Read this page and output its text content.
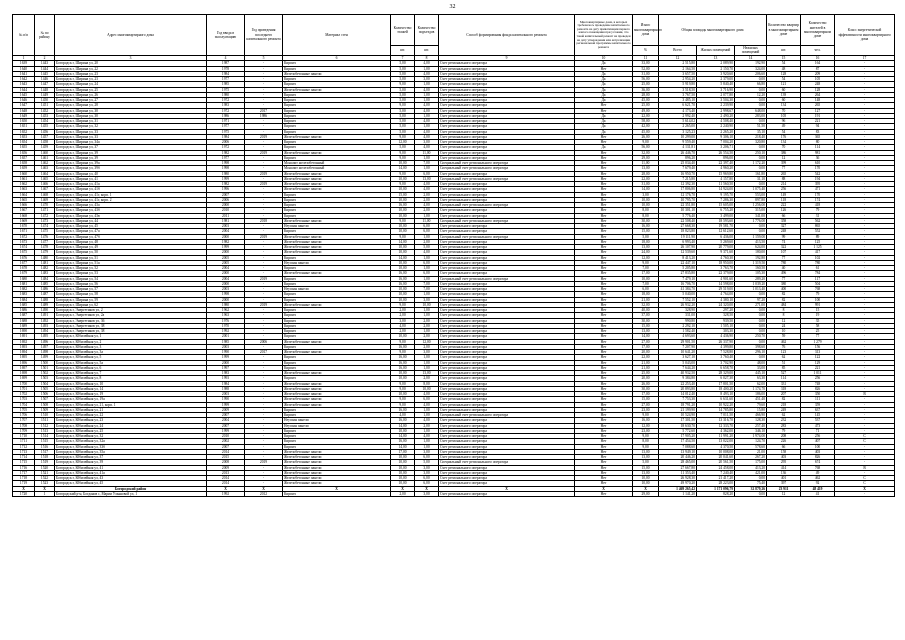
32
№ п/п	№ по району	Адрес многоквартирного дома	Год ввода в эксплуатацию	Год проведения последнего капитального ремонта	Материал стен	Количество этажей	Количество подъездов	Способ формирования фонда капитального ремонта	Многоквартирные дома, в которых требовалось проведение капитального ремонта на дату приватизации первого жилого помещения при условии, что такой капитальный ремонт не проведен на дату утверждения или актуализации региональной программы капитального ремонта	Износ многоквартирного дома	Общая площадь многоквартирного дома			Количество квартир в многоквартирном доме	Количество жителей в многоквартирном доме	Класс энергетической эффективности многоквартирного дома
						шт.	шт.			%	Всего	Жилых помещений	Нежилых помещений	шт.	чел.	
1	2	3	4	5	6	7	8	9	10	11	12	13	14	15	16	17
1639	1443	Богородск г, Ширина ул, 20	1987	-	Кирпич	5,00	4,00	Счет регионального оператора	Да	33,00	2 515,80	2 089,90	192,90	54	164	-
1640	1444	Богородск г, Ширина ул, 22	1978	-	Кирпич	5,00	1,00	Счет регионального оператора	Нет	52,00	2 164,50	2 150,70	324,00	48	87	-
1641	1445	Богородск г, Ширина ул, 23	1984	-	Железобетонные панели	5,00	4,00	Счет регионального оператора	Да	31,00	3 657,50	3 920,60	206,60	128	209	-
1642	1446	Богородск г, Ширина ул, 23	1977	-	Кирпич	5,00	3,00	Счет регионального оператора	Да	56,00	2 954,20	2 379,00	0,00	54	105	-
1643	1447	Богородск г, Ширина ул, 24	1985	-	Кирпич	9,00	1,00	Счет регионального оператора	Да	25,00	5 919,80	5 840,40	66,80	121	248	-
1644	1448	Богородск г, Ширина ул, 25	1975	-	Железобетонные панели	5,00	4,00	Счет регионального оператора	Да	36,00	3 518,50	3 716,90	0,00	60	128	-
1645	1449	Богородск г, Ширина ул, 26	1980	-	Кирпич	5,00	1,00	Счет регионального оператора	Да	28,00	3 767,50	2 077,80	12,20	139	264	-
1646	1450	Богородск г, Ширина ул, 27	1972	-	Кирпич	5,00	1,00	Счет регионального оператора	Да	45,00	3 485,10	3 504,30	0,00	60	148	-
1647	1451	Богородск г, Ширина ул, 28	1983	-	Кирпич	9,00	4,00	Счет регионального оператора	Нет	25,00	6 621,70	2 239,90	0,00	134	265	-
1648	1452	Богородск г, Ширина ул, 30	1972	2017	Кирпич	5,00	4,00	Счет регионального оператора	Нет	49,00	4 173,40	2 998,67	648,00	70	127	-
1649	1453	Богородск г, Ширина ул, 30	1986	1986	Кирпич	5,00	1,00	Счет регионального оператора	Да	22,00	2 992,40	2 490,20	283,00	105	191	-
1650	1454	Богородск г, Ширина ул, 31	1971	-	Кирпич	5,00	4,00	Счет регионального оператора	Да	58,00	5 614,02	4 508,40	0,00	96	221	-
1651	1455	Богородск г, Ширина ул, 32	1977	-	Кирпич	5,00	1,00	Счет регионального оператора	Да	42,00	2 265,00	2 240,90	51,50	49	94	-
1652	1456	Богородск г, Ширина ул, 33	1975	-	Кирпич	5,00	4,00	Счет регионального оператора	Да	45,00	3 125,23	2 265,20	35,10	54	83	-
1653	1457	Богородск г, Ширина ул, 33	1984	2019	Железобетонные панели	9,00	4,00	Счет регионального оператора	Нет	26,00	10 299,00	9 306,10	218,40	176	365	-
1654	1458	Богородск г, Ширина ул, 34а	2006	-	Кирпич	12,00	3,00	Счет регионального оператора	Нет	9,00	9 559,40	7 004,20	320,80	134	80	-
1655	1459	Богородск г, Ширина ул, 37	1972	-	Кирпич	5,00	4,00	Счет регионального оператора	Да	56,00	4 131,81	3 206,71	0,00	70	114	-
1656	1460	Богородск г, Ширина ул, 39	1982	2019	Железобетонные панели	9,00	11,00	Счет регионального оператора	Нет	32,00	26 446,70	26 554,50	250,10	386	981	-
1657	1461	Богородск г, Ширина ул, 39	1977	-	Кирпич	9,00	1,00	Счет регионального оператора	Нет	29,00	896,20	896,00	0,00	12	36	-
1658	1462	Богородск г, Ширина ул, 39а	1998	-	Монолит железобетонный	10,00	7,00	Специальный счет регионального оператора	Нет	11,00	25 034,40	22 397,40	1 172,20	399	610	-
1659	1463	Богородск г, Ширина ул, 39б	1998	-	Монолит железобетонный	14,00	1,00	Специальный счет регионального оператора	Нет	13,00	7 679,40	4 960,20	0,00	77	170	-
1660	1464	Богородск г, Ширина ул, 40	1980	2019	Железобетонные панели	9,00	6,00	Счет регионального оператора	Нет	28,00	16 950,70	15 969,80	161,80	265	542	-
1661	1465	Богородск г, Ширина ул, 41	1999	-	Железобетонные панели	10,00	13,00	Специальный счет регионального оператора	Нет	22,00	7 215,80	4 157,80	31,10	88	194	-
1662	1466	Богородск г, Ширина ул, 41а	1982	2019	Железобетонные панели	9,00	4,00	Счет регионального оператора	Нет	31,00	12 392,30	11 560,50	0,00	214	395	-
1663	1467	Богородск г, Ширина ул, 41б	1996	-	Железобетонные панели	10,00	4,00	Счет регионального оператора	Нет	14,00	17 806,80	14 924,00	1 075,40	256	471	-
1664	1468	Богородск г, Ширина ул, 41г, корп. 1	2007	-	Кирпич	15,00	2,00	Счет регионального оператора	Нет	3,00	12 176,70	9 195,70	553,00	149	170	-
1665	1469	Богородск г, Ширина ул, 41г, корп. 2	2006	-	Кирпич	10,00	2,00	Счет регионального оператора	Нет	10,00	10 795,70	7 286,30	897,80	118	174	-
1666	1470	Богородск г, Ширина ул, 43а	2000	-	Кирпич	16,00	4,00	Специальный счет регионального оператора	Нет	10,00	22 351,80	15 605,00	1 256,00	222	418	-
1667	1471	Богородск г, Ширина ул, 43б	2010	-	Кирпич	10,00	2,00	Счет регионального оператора	Нет	8,00	10 301,10	6 755,20	315,00	126	79	-
1668	1472	Богородск г, Ширина ул, 43в	2011	-	Кирпич	10,00	1,00	Счет регионального оператора	Нет	8,00	5 776,40	3 499,00	341,00	66	31	-
1669	1473	Богородск г, Ширина ул, 44	1981	2018	Железобетонные панели	9,00	11,00	Специальный счет регионального оператора	Нет	30,00	22 508,40	18 593,60	1 776,00	358	562	-
1670	1474	Богородск г, Ширина ул, 45	2003	-	Неусиан панели	10,00	6,00	Счет регионального оператора	Нет	16,00	27 668,30	19 581,70	0,00	327	865	-
1671	1475	Богородск г, Ширина ул, 47а	2004	-	Кирпич	10,00	6,00	Счет регионального оператора	Нет	15,00	18 823,80	12 612,60	0,00	248	552	-
1672	1476	Богородск г, Ширина ул, 47б	2000	2019	Железобетонные панели	9,00	1,00	Специальный счет регионального оператора	Нет	5,00	19 111,90	6 436,00	1 159,00	99	89	-
1673	1477	Богородск г, Ширина ул, 48	1982	-	Железобетонные панели	14,00	2,00	Счет регионального оператора	Нет	18,00	6 993,40	5 269,60	413,50	74	125	-
1674	1478	Богородск г, Ширина ул, 49	1999	-	Железобетонные панели	10,00	5,00	Счет регионального оператора	Нет	13,00	26 107,90	20 779,00	624,00	322	1 125	-
1675	1479	Богородск г, Ширина ул, 50	2000	-	Железобетонные панели	10,00	4,00	Счет регионального оператора	Нет	24,00	12 539,60	9 371,60	180,00	107	417	-
1676	1480	Богородск г, Ширина ул, 51	2005	-	Кирпич	14,00	1,00	Счет регионального оператора	Нет	12,00	8 413,20	4 760,30	192,80	77	102	-
1677	1481	Богородск г, Ширина ул, 51а	2005	-	Неусиан панели	10,00	6,00	Счет регионального оператора	Нет	9,00	22 447,10	18 950,00	1 319,50	780	780	-
1678	1482	Богородск г, Ширина ул, 52	2004	-	Кирпич	10,00	1,00	Счет регионального оператора	Нет	7,00	5 205,80	3 763,70	160,50	40	61	-
1679	1483	Богородск г, Ширина ул, 53	2000	-	Железобетонные панели	16,00	6,00	Счет регионального оператора	Нет	17,00	27 835,80	22 379,00	105,30	496	784	-
1680	1484	Богородск г, Ширина ул, 54	2004	2019	Кирпич	16,00	1,00	Специальный счет регионального оператора	Нет	10,00	7 479,10	4 901,60	289,20	77	117	-
1681	1485	Богородск г, Ширина ул, 56	2000	-	Кирпич	16,00	7,00	Счет регионального оператора	Нет	7,00	16 706,70	14 598,00	1 039,20	380	504	-
1682	1486	Богородск г, Ширина ул, 57	2003	-	Неусиан панели	10,00	7,00	Счет регионального оператора	Нет	6,00	41 384,70	29 519,00	1 013,40	400	768	-
1683	1487	Богородск г, Ширина ул, 58	1998	-	Кирпич	10,00	1,00	Счет регионального оператора	Нет	18,00	5 040,00	4 764,00	0,00	82	79	-
1684	1488	Богородск г, Ширина ул, 59	2000	-	Кирпич	10,00	3,00	Счет регионального оператора	Нет	21,00	7 552,10	4 380,10	97,20	82	100	-
1685	1489	Богородск г, Ширина ул, 62	1980	2019	Железобетонные панели	9,00	10,00	Счет регионального оператора	Нет	32,00	26 932,20	24 320,00	271,00	484	991	-
1686	1490	Богородск г, Энергетиков ул, 2	1962	-	Кирпич	2,00	1,00	Счет регионального оператора	Нет	40,00	328,90	297,20	0,00	8	15	-
1687	1491	Богородск г, Энергетиков ул, 2а	1963	-	Кирпич	2,00	1,00	Счет регионального оператора	Нет	37,00	331,00	328,50	0,00	8	19	-
1688	1492	Богородск г, Энергетиков ул, 36	1976	-	Кирпич	3,00	2,00	Счет регионального оператора	Нет	30,00	990,80	939,50	0,00	12	35	-
1689	1493	Богородск г, Энергетиков ул, 38	1970	-	Кирпич	4,00	2,00	Счет регионального оператора	Нет	15,00	2 292,10	1 505,10	0,00	24	58	-
1690	1494	Богородск г, Энергетиков ул, 38	1992	-	Кирпич	2,00	1,00	Счет регионального оператора	Нет	13,00	1 582,40	303,30	0,00	10	25	-
1691	1495	Богородск г, Юбилейная ул, 1	2001	-	Кирпич	10,00	2,00	Счет регионального оператора	Нет	14,00	4 693,60	4 436,90	250,70	59	77	-
1692	1496	Богородск г, Юбилейная ул, 2	1985	2006	Железобетонные панели	9,00	12,00	Счет регионального оператора	Нет	27,00	29 901,50	26 337,90	0,00	462	1 279	-
1693	1497	Богородск г, Юбилейная ул, 3	2003	-	Кирпич	16,00	2,00	Счет регионального оператора	Нет	17,00	7 207,90	4 399,80	398,60	76	156	-
1694	1498	Богородск г, Юбилейная ул, 3а	1990	2017	Железобетонные панели	9,00	3,00	Счет регионального оператора	Нет	20,00	10 641,20	7 528,80	296,10	123	313	-
1695	1499	Богородск г, Юбилейная ул, 5	1999	-	Кирпич	16,00	1,00	Счет регионального оператора	Нет	22,00	3 627,10	3 760,40	0,00	62	122	-
1696	1500	Богородск г, Юбилейная ул, 5а	2000	-	Кирпич	16,00	1,00	Счет регионального оператора	Нет	21,00	5 043,00	3 702,90	48,00	51	129	-
1697	1501	Богородск г, Юбилейная ул, 6	1997	-	Кирпич	16,00	1,00	Счет регионального оператора	Нет	21,00	7 644,20	6 658,70	33,00	85	221	-
1698	1502	Богородск г, Юбилейная ул, 7	1983	-	Железобетонные панели	10,00	13,00	Счет регионального оператора	Нет	25,00	40 932,50	28 329,00	445,10	527	1 011	-
1699	1503	Богородск г, Юбилейная ул, 8	1993	-	Кирпич	10,00	2,00	Счет регионального оператора	Нет	20,00	9 384,80	6 027,30	63,30	114	256	-
1700	1504	Богородск г, Юбилейная ул, 10	1984	-	Железобетонные панели	9,00	8,00	Счет регионального оператора	Нет	26,00	22 253,40	17 801,50	62,00	331	748	-
1701	1505	Богородск г, Юбилейная ул, 14	1988	-	Железобетонные панели	9,00	10,00	Счет регионального оператора	Нет	30,00	20 893,80	18 400,20	1 174,70	318	826	-
1702	1506	Богородск г, Юбилейная ул, 19	2003	-	Железобетонные панели	10,00	4,00	Счет регионального оператора	Нет	17,00	14 012,40	8 493,10	186,00	207	350	B
1703	1507	Богородск г, Юбилейная ул, 19а	1990	-	Железобетонные панели	9,00	6,00	Счет регионального оператора	Нет	15,00	7 753,30	6 631,60	451,40	82	111	-
1704	1508	Богородск г, Юбилейная ул, 21, корп. 1	1999	-	Железобетонные панели	9,00	4,00	Счет регионального оператора	Нет	27,00	18 791,20	10 922,20	79,60	218	359	-
1705	1509	Богородск г, Юбилейная ул, 21	2009	-	Кирпич	16,00	1,00	Счет регионального оператора	Нет	23,00	21 199,90	14 785,80	15,80	249	637	-
1706	1510	Богородск г, Юбилейная ул, 22	2007	-	Кирпич	4,00	1,00	Специальный счет регионального оператора	Нет	9,00	10 524,90	7 011,50	466,90	62	145	-
1707	1511	Богородск г, Юбилейная ул, 23	2004	-	Неусиан панели	16,00	4,00	Счет регионального оператора	Нет	16,00	17 301,50	13 316,70	128,30	232	537	-
1708	1512	Богородск г, Юбилейная ул, 24	2007	-	Неусиан панели	14,00	2,00	Счет регионального оператора	Нет	12,00	18 630,70	12 333,70	257,40	283	473	-
1709	1513	Богородск г, Юбилейная ул, 25	1999	-	Кирпич	10,00	1,00	Счет регионального оператора	Нет	23,00	5 772,60	4 362,00	346,10	79	71	-
1710	1514	Богородск г, Юбилейная ул, 32	2010	-	Кирпич	14,00	4,00	Счет регионального оператора	Нет	9,00	17 905,20	11 991,20	1 974,00	208	256	C
1711	1515	Богородск г, Юбилейная ул, 32а	2002	-	Кирпич	16,00	1,00	Счет регионального оператора	Нет	8,00	17 454,50	13 022,00	124,70	226	407	C
1712	1516	Богородск г, Юбилейная ул, 33б	2007	-	Кирпич	14,00	1,00	Счет регионального оператора	Нет	9,00	7 088,60	4 370,50	578,60	66	100	-
1713	1517	Богородск г, Юбилейная ул, 35а	2014	-	Железобетонные панели	17,00	3,00	Счет регионального оператора	Нет	13,00	13 949,10	10 008,00	21,00	158	403	-
1714	1518	Богородск г, Юбилейная ул, 37	2015	-	Железобетонные панели	10,00	6,00	Счет регионального оператора	Нет	13,00	20 446,20	20 041,60	267,20	403	826	-
1715	1519	Богородск г, Юбилейная ул, 39	2008	2019	Железобетонные панели	10,00	5,00	Специальный счет регионального оператора	Нет	5,00	28 465,00	20 561,50	175,00	295	674	-
1716	1520	Богородск г, Юбилейная ул, 41	2009	-	Железобетонные панели	10,00	3,00	Счет регионального оператора	Нет	15,00	27 667,80	24 458,00	413,20	414	768	B
1717	1521	Богородск г, Юбилейная ул, 41а	2013	-	Железобетонные панели	10,00	3,00	Счет регионального оператора	Нет	13,00	11 353,40	7 240,40	421,00	136	49	-
1718	1522	Богородск г, Юбилейная ул, 43	2014	-	Железобетонные панели	10,00	6,00	Счет регионального оператора	Нет	10,00	26 928,30	21 417,20	0,00	401	462	C
1719	1523	Богородск г, Юбилейная ул, 45	2014	-	Железобетонные панели	10,00	6,00	Счет регионального оператора	Нет	10,00	49 970,20	28 223,00	75,40	397	92	C
X	X	Богородский район	X	X	X	X	X	X	X	X	1 469 265,42	1 171 096,79	32 879,26	23 911	48 419	X
1720	1	Богородский р-н, Богданов с, Марии Ульяновой ул, 1	1992	2012	Кирпич	2,00	3,00	Счет регионального оператора	Нет	29,00	1 141,20	828,20	0,00	12	41	-
